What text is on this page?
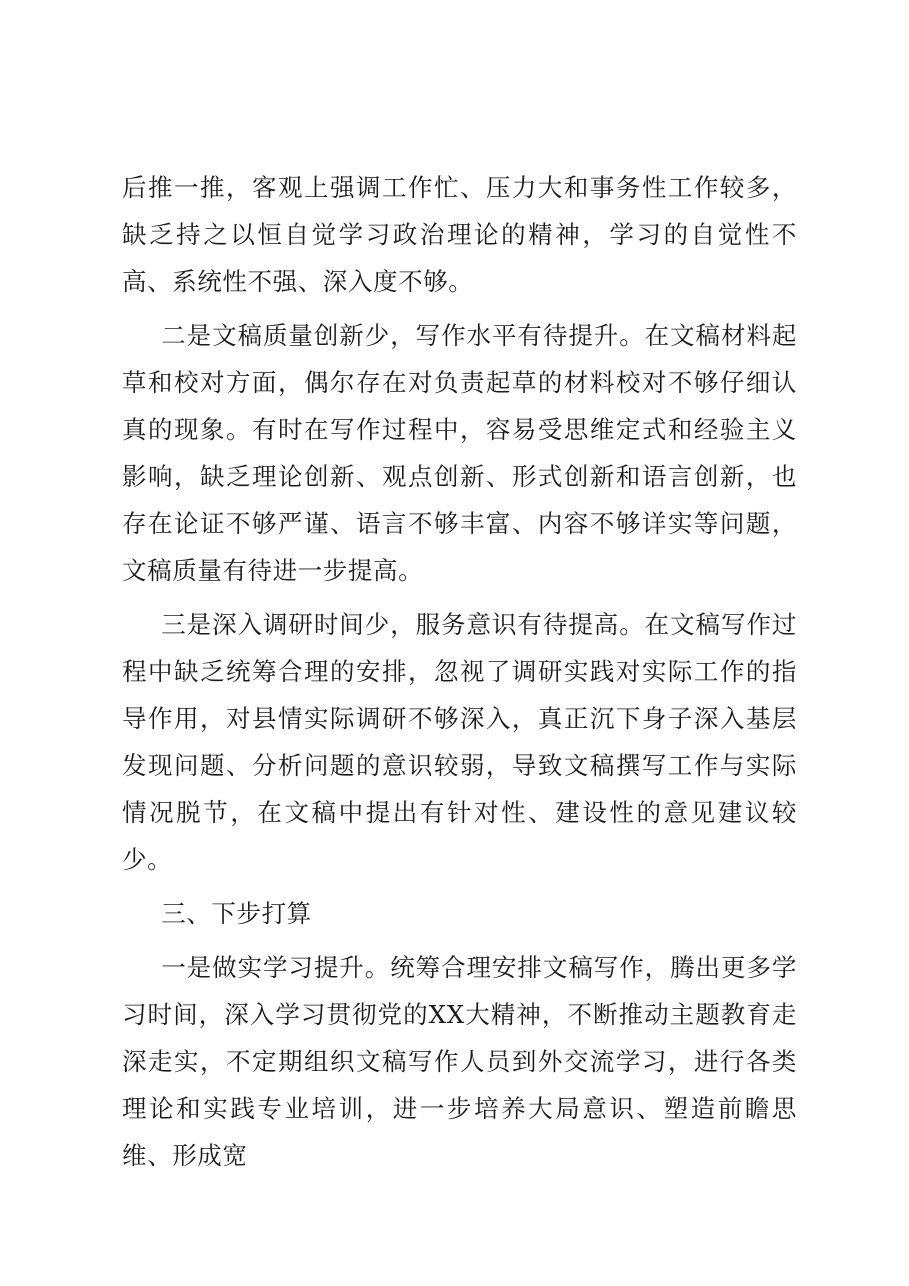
后推一推，客观上强调工作忙、压力大和事务性工作较多，缺乏持之以恒自觉学习政治理论的精神，学习的自觉性不高、系统性不强、深入度不够。

二是文稿质量创新少，写作水平有待提升。在文稿材料起草和校对方面，偶尔存在对负责起草的材料校对不够仔细认真的现象。有时在写作过程中，容易受思维定式和经验主义影响，缺乏理论创新、观点创新、形式创新和语言创新，也存在论证不够严谨、语言不够丰富、内容不够详实等问题，文稿质量有待进一步提高。

三是深入调研时间少，服务意识有待提高。在文稿写作过程中缺乏统筹合理的安排，忽视了调研实践对实际工作的指导作用，对县情实际调研不够深入，真正沉下身子深入基层发现问题、分析问题的意识较弱，导致文稿撰写工作与实际情况脱节，在文稿中提出有针对性、建设性的意见建议较少。

三、下步打算

一是做实学习提升。统筹合理安排文稿写作，腾出更多学习时间，深入学习贯彻党的XX大精神，不断推动主题教育走深走实，不定期组织文稿写作人员到外交流学习，进行各类理论和实践专业培训，进一步培养大局意识、塑造前瞻思维、形成宽
